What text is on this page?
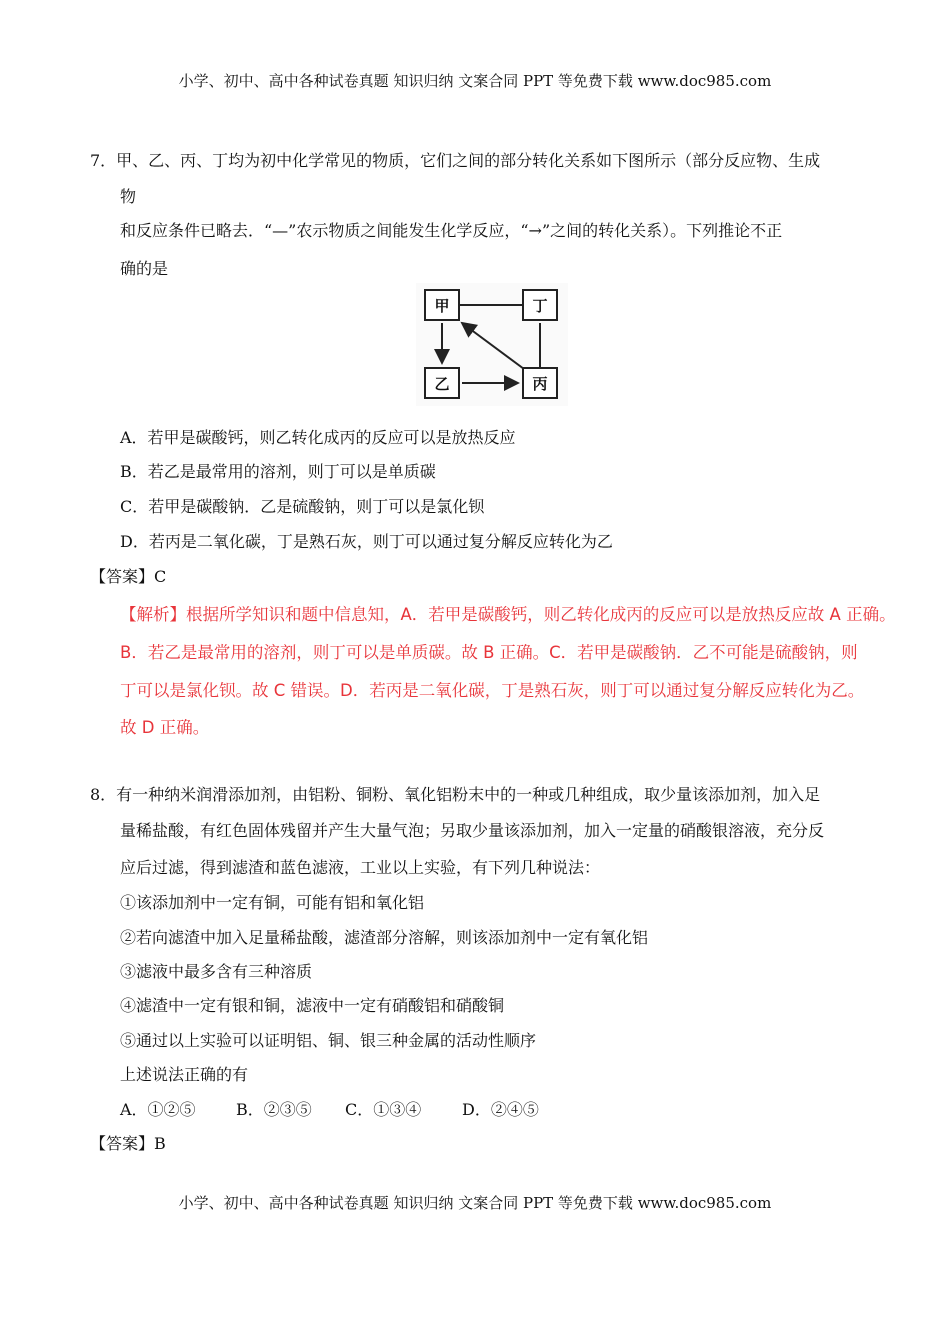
小学、初中、高中各种试卷真题 知识归纳 文案合同 PPT 等免费下载 www.doc985.com
7．甲、乙、丙、丁均为初中化学常见的物质，它们之间的部分转化关系如下图所示（部分反应物、生成
物
和反应条件已略去．“—”农示物质之间能发生化学反应，“→”之间的转化关系）。下列推论不正
确的是
甲	丁
乙	丙
A．若甲是碳酸钙，则乙转化成丙的反应可以是放热反应
B．若乙是最常用的溶剂，则丁可以是单质碳
C．若甲是碳酸钠．乙是硫酸钠，则丁可以是氯化钡
D．若丙是二氧化碳，丁是熟石灰，则丁可以通过复分解反应转化为乙
【答案】C
【解析】根据所学知识和题中信息知，A．若甲是碳酸钙，则乙转化成丙的反应可以是放热反应故 A 正确。
B．若乙是最常用的溶剂，则丁可以是单质碳。故 B 正确。C．若甲是碳酸钠．乙不可能是硫酸钠，则
丁可以是氯化钡。故 C 错误。D．若丙是二氧化碳，丁是熟石灰，则丁可以通过复分解反应转化为乙。
故 D 正确。
8．有一种纳米润滑添加剂，由铝粉、铜粉、氧化铝粉末中的一种或几种组成，取少量该添加剂，加入足
量稀盐酸，有红色固体残留并产生大量气泡；另取少量该添加剂，加入一定量的硝酸银溶液，充分反
应后过滤，得到滤渣和蓝色滤液，工业以上实验，有下列几种说法：
①该添加剂中一定有铜，可能有铝和氧化铝
②若向滤渣中加入足量稀盐酸，滤渣部分溶解，则该添加剂中一定有氧化铝
③滤液中最多含有三种溶质
④滤渣中一定有银和铜，滤液中一定有硝酸铝和硝酸铜
⑤通过以上实验可以证明铝、铜、银三种金属的活动性顺序
上述说法正确的有
A．①②⑤	B．②③⑤ C．①③④	D．②④⑤
【答案】B
小学、初中、高中各种试卷真题 知识归纳 文案合同 PPT 等免费下载 www.doc985.com
